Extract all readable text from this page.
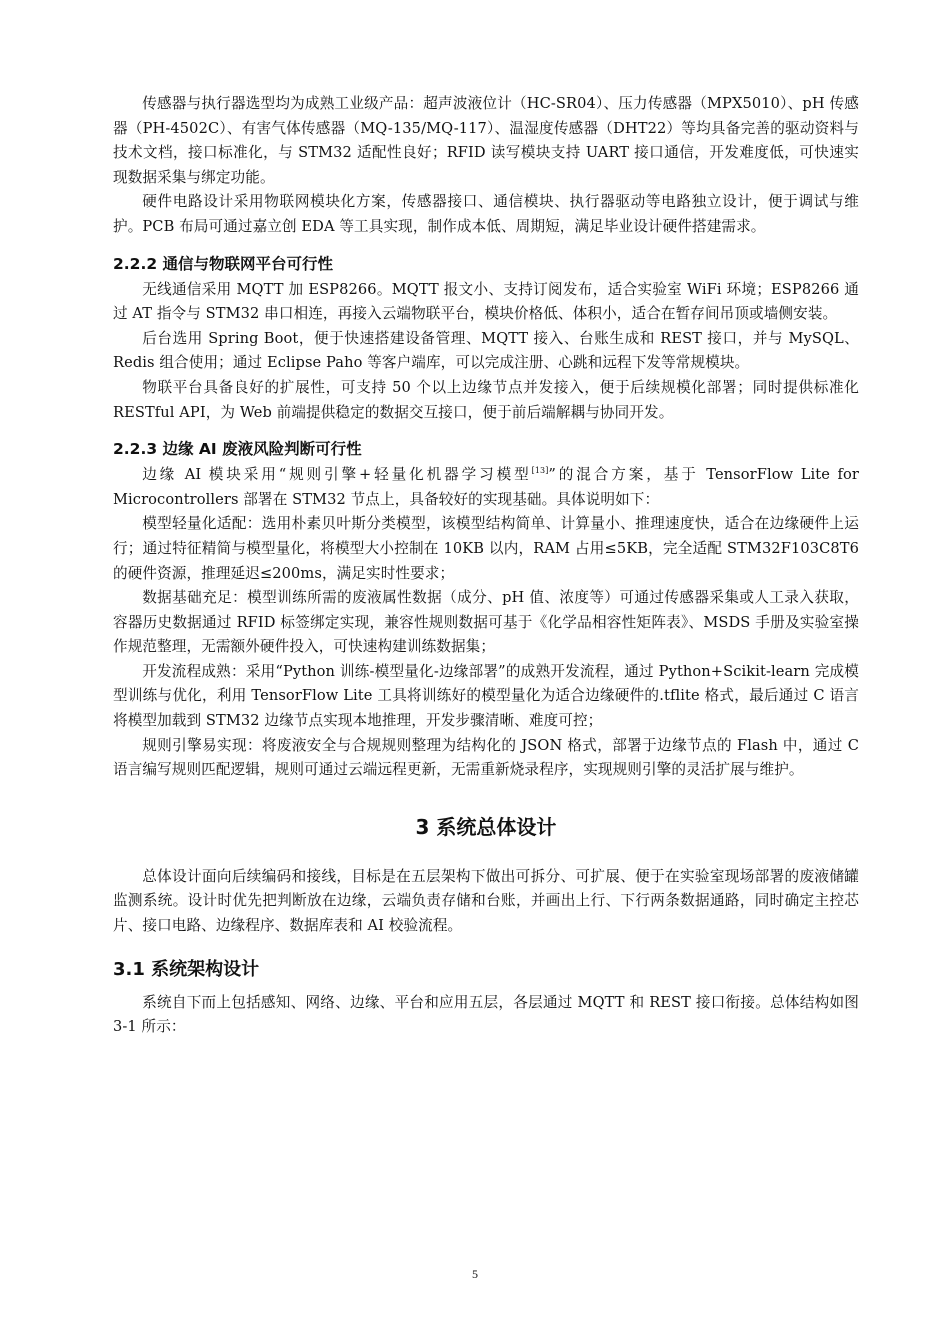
传感器与执行器选型均为成熟工业级产品：超声波液位计（HC-SR04）、压力传感器（MPX5010）、pH 传感器（PH-4502C）、有害气体传感器（MQ-135/MQ-117）、温湿度传感器（DHT22）等均具备完善的驱动资料与技术文档，接口标准化，与 STM32 适配性良好；RFID 读写模块支持 UART 接口通信，开发难度低，可快速实现数据采集与绑定功能。

硬件电路设计采用物联网模块化方案，传感器接口、通信模块、执行器驱动等电路独立设计，便于调试与维护。PCB 布局可通过嘉立创 EDA 等工具实现，制作成本低、周期短，满足毕业设计硬件搭建需求。

2.2.2 通信与物联网平台可行性

无线通信采用 MQTT 加 ESP8266。MQTT 报文小、支持订阅发布，适合实验室 WiFi 环境；ESP8266 通过 AT 指令与 STM32 串口相连，再接入云端物联平台，模块价格低、体积小，适合在暂存间吊顶或墙侧安装。

后台选用 Spring Boot，便于快速搭建设备管理、MQTT 接入、台账生成和 REST 接口，并与 MySQL、Redis 组合使用；通过 Eclipse Paho 等客户端库，可以完成注册、心跳和远程下发等常规模块。

物联平台具备良好的扩展性，可支持 50 个以上边缘节点并发接入，便于后续规模化部署；同时提供标准化 RESTful API，为 Web 前端提供稳定的数据交互接口，便于前后端解耦与协同开发。

2.2.3 边缘 AI 废液风险判断可行性

边缘 AI 模块采用“规则引擎+轻量化机器学习模型[13]”的混合方案，基于 TensorFlow Lite for Microcontrollers 部署在 STM32 节点上，具备较好的实现基础。具体说明如下：

模型轻量化适配：选用朴素贝叶斯分类模型，该模型结构简单、计算量小、推理速度快，适合在边缘硬件上运行；通过特征精简与模型量化，将模型大小控制在 10KB 以内，RAM 占用≤5KB，完全适配 STM32F103C8T6 的硬件资源，推理延迟≤200ms，满足实时性要求；

数据基础充足：模型训练所需的废液属性数据（成分、pH 值、浓度等）可通过传感器采集或人工录入获取，容器历史数据通过 RFID 标签绑定实现，兼容性规则数据可基于《化学品相容性矩阵表》、MSDS 手册及实验室操作规范整理，无需额外硬件投入，可快速构建训练数据集；

开发流程成熟：采用“Python 训练-模型量化-边缘部署”的成熟开发流程，通过 Python+Scikit-learn 完成模型训练与优化，利用 TensorFlow Lite 工具将训练好的模型量化为适合边缘硬件的.tflite 格式，最后通过 C 语言将模型加载到 STM32 边缘节点实现本地推理，开发步骤清晰、难度可控；

规则引擎易实现：将废液安全与合规规则整理为结构化的 JSON 格式，部署于边缘节点的 Flash 中，通过 C 语言编写规则匹配逻辑，规则可通过云端远程更新，无需重新烧录程序，实现规则引擎的灵活扩展与维护。

3 系统总体设计

总体设计面向后续编码和接线，目标是在五层架构下做出可拆分、可扩展、便于在实验室现场部署的废液储罐监测系统。设计时优先把判断放在边缘，云端负责存储和台账，并画出上行、下行两条数据通路，同时确定主控芯片、接口电路、边缘程序、数据库表和 AI 校验流程。

3.1 系统架构设计

系统自下而上包括感知、网络、边缘、平台和应用五层，各层通过 MQTT 和 REST 接口衔接。总体结构如图 3-1 所示：

5
